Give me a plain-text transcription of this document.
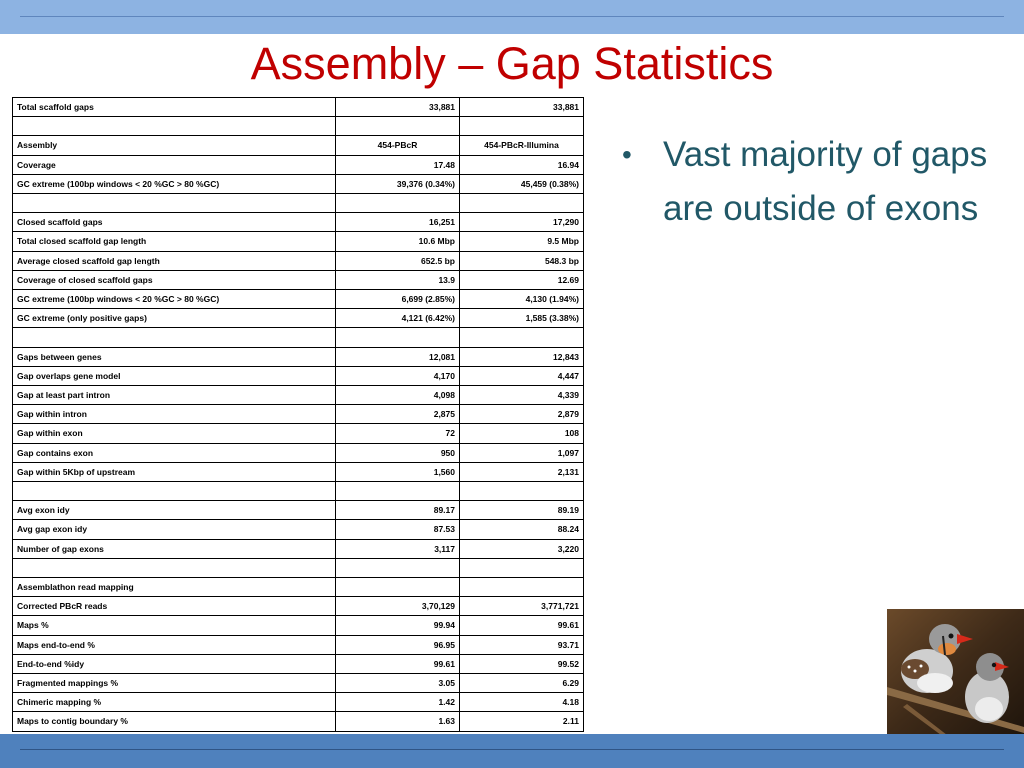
Assembly – Gap Statistics
Total scaffold gaps	33,881	33,881

Assembly	454-PBcR	454-PBcR-Illumina
Coverage	17.48	16.94
GC extreme (100bp windows < 20 %GC > 80 %GC)	39,376 (0.34%)	45,459 (0.38%)

Closed scaffold gaps	16,251	17,290
Total closed scaffold gap length	10.6 Mbp	9.5 Mbp
Average closed scaffold gap length	652.5 bp	548.3 bp
Coverage of closed scaffold gaps	13.9	12.69
GC extreme (100bp windows < 20 %GC > 80 %GC)	6,699 (2.85%)	4,130 (1.94%)
GC extreme (only positive gaps)	4,121 (6.42%)	1,585 (3.38%)

Gaps between genes	12,081	12,843
Gap overlaps gene model	4,170	4,447
Gap at least part intron	4,098	4,339
Gap within intron	2,875	2,879
Gap within exon	72	108
Gap contains exon	950	1,097
Gap within 5Kbp of upstream	1,560	2,131

Avg exon idy	89.17	89.19
Avg gap exon idy	87.53	88.24
Number of gap exons	3,117	3,220

Assemblathon read mapping		
Corrected PBcR reads	3,70,129	3,771,721
Maps %	99.94	99.61
Maps end-to-end %	96.95	93.71
End-to-end %idy	99.61	99.52
Fragmented mappings %	3.05	6.29
Chimeric mapping %	1.42	4.18
Maps to contig boundary %	1.63	2.11
• Vast majority of gaps are outside of exons
